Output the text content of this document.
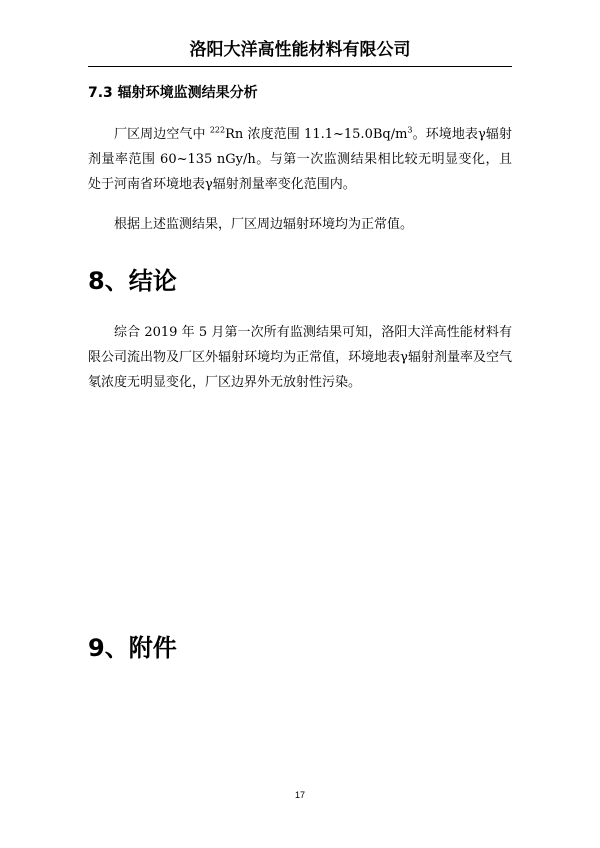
洛阳大洋高性能材料有限公司
7.3 辐射环境监测结果分析

厂区周边空气中 $^{222}$Rn 浓度范围 $11.1\sim 15.0Bq/m^3$。环境地表γ辐射剂量率范围 60~135 nGy/h。与第一次监测结果相比较无明显变化，且处于河南省环境地表γ辐射剂量率变化范围内。

根据上述监测结果，厂区周边辐射环境均为正常值。

8、结论

综合 2019 年 5 月第一次所有监测结果可知，洛阳大洋高性能材料有限公司流出物及厂区外辐射环境均为正常值，环境地表γ辐射剂量率及空气氡浓度无明显变化，厂区边界外无放射性污染。

9、附件
17
